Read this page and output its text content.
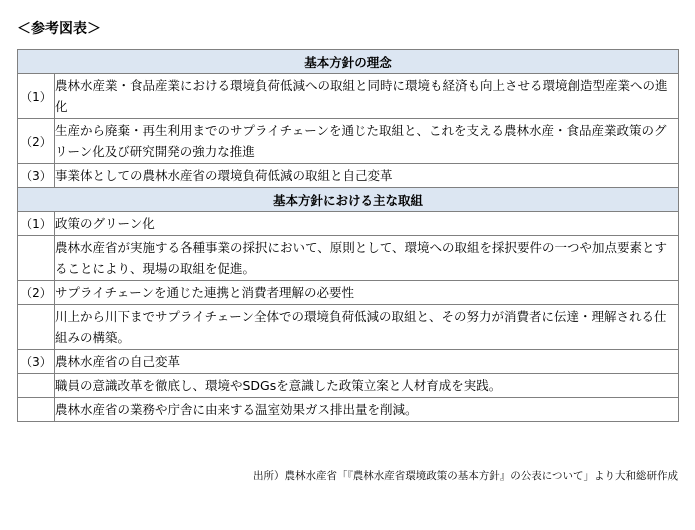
＜参考図表＞
基本方針の理念	
（1）	農林水産業・食品産業における環境負荷低減への取組と同時に環境も経済も向上させる環境創造型産業への進化
（2）	生産から廃棄・再生利用までのサプライチェーンを通じた取組と、これを支える農林水産・食品産業政策のグリーン化及び研究開発の強力な推進
（3）	事業体としての農林水産省の環境負荷低減の取組と自己変革
基本方針における主な取組	
（1）	政策のグリーン化
	農林水産省が実施する各種事業の採択において、原則として、環境への取組を採択要件の一つや加点要素とすることにより、現場の取組を促進。
（2）	サプライチェーンを通じた連携と消費者理解の必要性
	川上から川下までサプライチェーン全体での環境負荷低減の取組と、その努力が消費者に伝達・理解される仕組みの構築。
（3）	農林水産省の自己変革
	職員の意識改革を徹底し、環境やSDGsを意識した政策立案と人材育成を実践。
	農林水産省の業務や庁舎に由来する温室効果ガス排出量を削減。
出所）農林水産省「『農林水産省環境政策の基本方針』の公表について」より大和総研作成
